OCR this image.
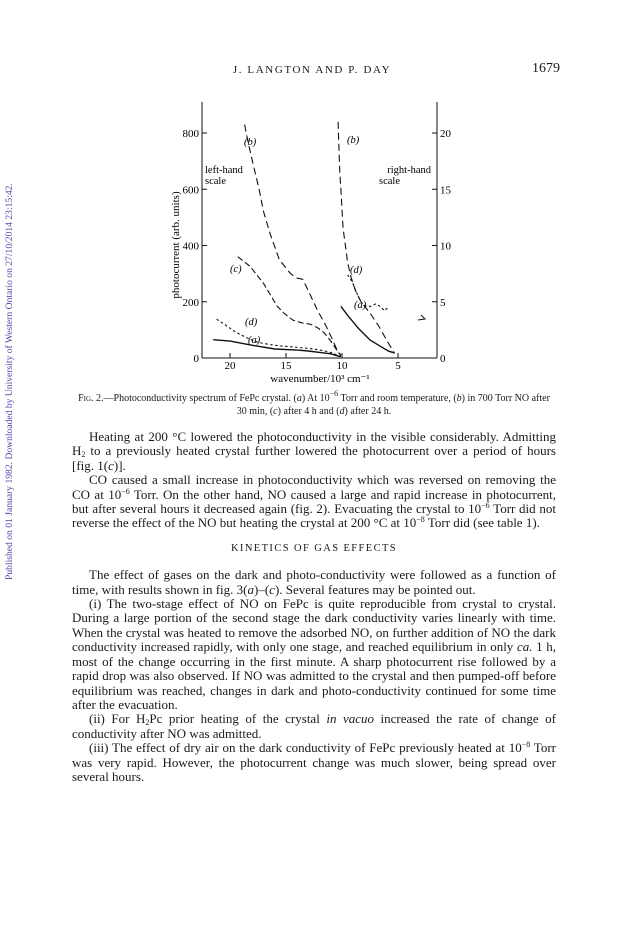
Published on 01 January 1982. Downloaded by University of Western Ontario on 27/10/2014 23:15:42.
J. LANGTON AND P. DAY	1679
800
600
400
200
0
20
15
10
5
0
20	15	10	5
(b)
(c)
(d)
(a)
(b)
(d)
(a)
left-hand
scale
right-hand
scale
photocurrent (arb. units)
wavenumber/10³ cm⁻¹
Fig. 2.—Photoconductivity spectrum of FePc crystal. (a) At $10^{-6}$ Torr and room temperature, (b) in 700 Torr NO after 30 min, (c) after 4 h and (d) after 24 h.

Heating at 200 °C lowered the photoconductivity in the visible considerably. Admitting $H_2$ to a previously heated crystal further lowered the photocurrent over a period of hours [fig. 1(c)].

CO caused a small increase in photoconductivity which was reversed on removing the CO at $10^{-6}$ Torr. On the other hand, NO caused a large and rapid increase in photocurrent, but after several hours it decreased again (fig. 2). Evacuating the crystal to $10^{-6}$ Torr did not reverse the effect of the NO but heating the crystal at 200 °C at $10^{-8}$ Torr did (see table 1).

KINETICS OF GAS EFFECTS

The effect of gases on the dark and photo-conductivity were followed as a function of time, with results shown in fig. 3(a)–(c). Several features may be pointed out.

(i) The two-stage effect of NO on FePc is quite reproducible from crystal to crystal. During a large portion of the second stage the dark conductivity varies linearly with time. When the crystal was heated to remove the adsorbed NO, on further addition of NO the dark conductivity increased rapidly, with only one stage, and reached equilibrium in only ca. 1 h, most of the change occurring in the first minute. A sharp photocurrent rise followed by a rapid drop was also observed. If NO was admitted to the crystal and then pumped-off before equilibrium was reached, changes in dark and photo-conductivity continued for some time after the evacuation.

(ii) For $H_2Pc$ prior heating of the crystal in vacuo increased the rate of change of conductivity after NO was admitted.

(iii) The effect of dry air on the dark conductivity of FePc previously heated at $10^{-8}$ Torr was very rapid. However, the photocurrent change was much slower, being spread over several hours.
